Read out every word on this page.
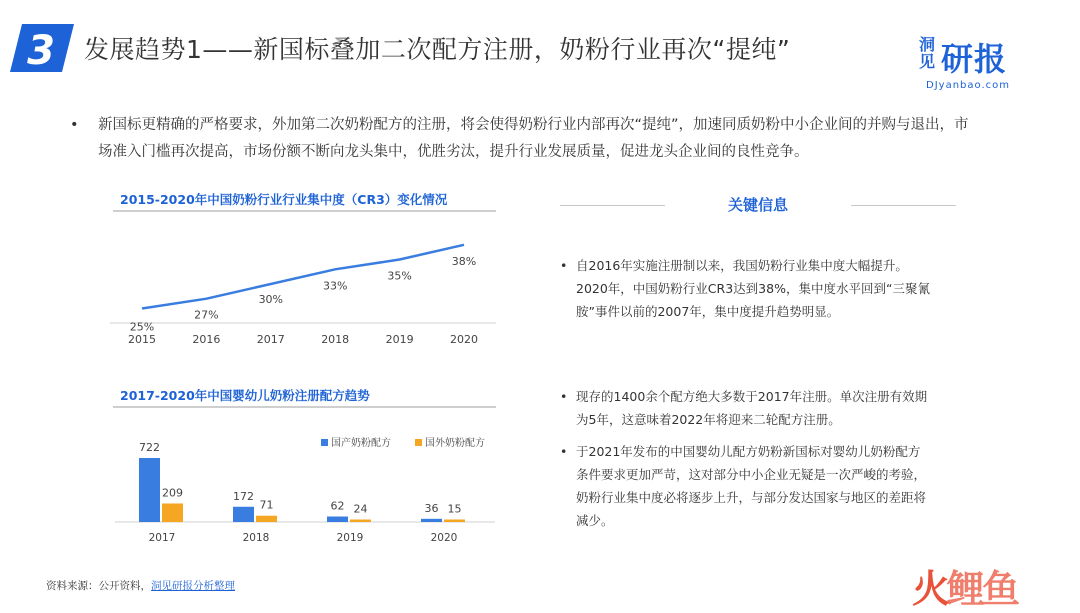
3 发展趋势1——新国标叠加二次配方注册，奶粉行业再次“提纯”	洞见 研报
DJyanbao.com
• 新国标更精确的严格要求，外加第二次奶粉配方的注册，将会使得奶粉行业内部再次“提纯”，加速同质奶粉中小企业间的并购与退出，市场准入门槛再次提高，市场份额不断向龙头集中，优胜劣汰，提升行业发展质量，促进龙头企业间的良性竞争。
2015-2020年中国奶粉行业行业集中度（CR3）变化情况
25%
2015
27%
2016
30%
2017
33%
2018
35%
2019
38%
2020
2017-2020年中国婴幼儿奶粉注册配方趋势
722
209
2017
172
71
2018
62 24
2019
36 15
2020
国产奶粉配方	国外奶粉配方
关键信息
• 自2016年实施注册制以来，我国奶粉行业集中度大幅提升。2020年，中国奶粉行业CR3达到38%，集中度水平回到“三聚氰胺”事件以前的2007年，集中度提升趋势明显。
• 现存的1400余个配方绝大多数于2017年注册。单次注册有效期为5年，这意味着2022年将迎来二轮配方注册。
• 于2021年发布的中国婴幼儿配方奶粉新国标对婴幼儿奶粉配方条件要求更加严苛，这对部分中小企业无疑是一次严峻的考验，奶粉行业集中度必将逐步上升，与部分发达国家与地区的差距将减少。
资料来源：公开资料，洞见研报分析整理	火鲤鱼
